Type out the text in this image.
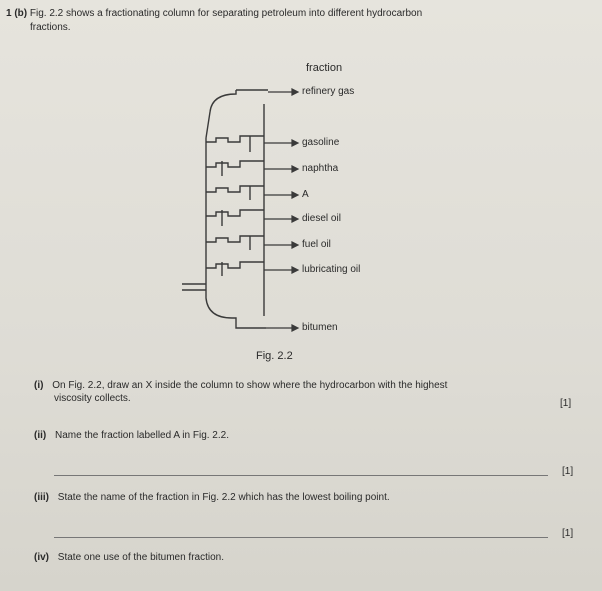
1 (b) Fig. 2.2 shows a fractionating column for separating petroleum into different hydrocarbon
fractions.
fraction
refinery gas
gasoline
naphtha
A
diesel oil
fuel oil
lubricating oil
bitumen
Fig. 2.2
(i) On Fig. 2.2, draw an X inside the column to show where the hydrocarbon with the highest
viscosity collects.	[1]
(ii) Name the fraction labelled A in Fig. 2.2.
[1]
(iii) State the name of the fraction in Fig. 2.2 which has the lowest boiling point.
[1]
(iv) State one use of the bitumen fraction.
